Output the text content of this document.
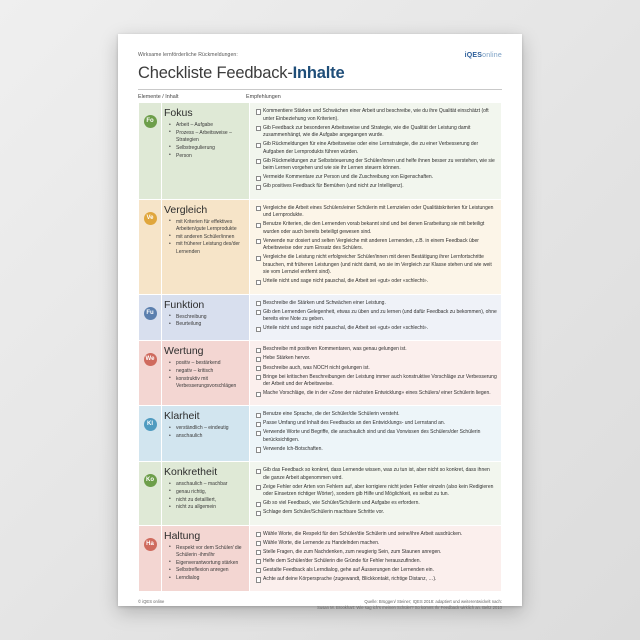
Wirksame lernförderliche Rückmeldungen:	iQESonline
Checkliste Feedback-Inhalte
Elemente / Inhalt	Empfehlungen
Fo	
Fokus
• Arbeit – Aufgabe
• Prozess – Arbeitsweise – Strategien
• Selbstregulierung
• Person

Kommentiere Stärken und Schwächen einer Arbeit und beschreibe, wie du ihre Qualität einschätzt (oft unter Einbeziehung von Kriterien).
Gib Feedback zur besonderen Arbeitsweise und Strategie, wie die Qualität der Leistung damit zusammenhängt, wie die Aufgabe angegangen wurde.
Gib Rückmeldungen für eine Arbeitsweise oder eine Lernstrategie, die zu einer Verbesserung der Aufgaben der Lernprodukts führen würden.
Gib Rückmeldungen zur Selbststeuerung der Schüler/innen und helfe ihnen besser zu verstehen, wie sie beim Lernen vorgehen und wie sie ihr Lernen steuern können.
Vermeide Kommentare zur Person und die Zuschreibung von Eigenschaften.
Gib positives Feedback für Bemühen (und nicht zur Intelligenz).

Ve	
Vergleich
• mit Kriterien für effektives Arbeiten/gute Lernprodukte
• mit anderen Schüler/innen
• mit früherer Leistung des/der Lernenden

Vergleiche die Arbeit eines Schülers/einer Schülerin mit Lernzielen oder Qualitätskriterien für Leistungen und Lernprodukte.
Benutze Kriterien, die den Lernenden vorab bekannt sind und bei denen Erarbeitung sie mit beteiligt wurden oder auch bereits beteiligt gewesen sind.
Verwende nur dosiert und selten Vergleiche mit anderen Lernenden, z.B. in einem Feedback über Arbeitsweise oder zum Einsatz des Schülers.
Vergleiche die Leistung nicht erfolgreicher Schüler/innen mit deren Bestätigung ihrer Lernfortschritte brauchen, mit früheren Leistungen (und nicht damit, wo sie im Vergleich zur Klasse stehen und wie weit sie vom Lernziel entfernt sind).
Urteile nicht und sage nicht pauschal, die Arbeit sei «gut» oder «schlecht».

Fu	
Funktion
• Beschreibung
• Beurteilung

Beschreibe die Stärken und Schwächen einer Leistung.
Gib den Lernenden Gelegenheit, etwas zu üben und zu lernen (und dafür Feedback zu bekommen), ohne bereits eine Note zu geben.
Urteile nicht und sage nicht pauschal, die Arbeit sei «gut» oder «schlecht».

We	
Wertung
• positiv – bestärkend
• negativ – kritisch
• konstruktiv mit Verbesserungsvorschlägen

Beschreibe mit positiven Kommentaren, was genau gelungen ist.
Hebe Stärken hervor.
Beschreibe auch, was NOCH nicht gelungen ist.
Bringe bei kritischen Beschreibungen der Leistung immer auch konstruktive Vorschläge zur Verbesserung der Arbeit und der Arbeitsweise.
Mache Vorschläge, die in der «Zone der nächsten Entwicklung» eines Schülers/ einer Schülerin liegen.

Kl	
Klarheit
• verständlich – eindeutig
• anschaulich

Benutze eine Sprache, die der Schüler/die Schülerin versteht.
Passe Umfang und Inhalt des Feedbacks an den Entwicklungs- und Lernstand an.
Verwende Worte und Begriffe, die anschaulich sind und das Vorwissen des Schülers/der Schülerin berücksichtigen.
Verwende Ich-Botschaften.

Ko	
Konkretheit
• anschaulich – machbar
• genau richtig,
• nicht zu detailliert,
• nicht zu allgemein

Gib das Feedback so konkret, dass Lernende wissen, was zu tun ist, aber nicht so konkret, dass ihnen die ganze Arbeit abgenommen wird.
Zeige Fehler oder Arten von Fehlern auf, aber korrigiere nicht jeden Fehler einzeln (also kein Redigieren oder Einsetzen richtiger Wörter), sondern gib Hilfe und Möglichkeit, es selbst zu tun.
Gib so viel Feedback, wie Schüler/Schülerin und Aufgabe es erfordern.
Schlage dem Schüler/Schülerin machbare Schritte vor.

Ha	
Haltung
• Respekt vor dem Schüler/ die Schülerin -ihm/ihr
• Eigenverantwortung stärken
• Selbstreflexion anregen
• Lerndialog

Wähle Worte, die Respekt für den Schüler/die Schülerin und seine/ihre Arbeit ausdrücken.
Wähle Worte, die Lernende zu Handelnden machen.
Stelle Fragen, die zum Nachdenken, zum neugierig Sein, zum Staunen anregen.
Helfe dem Schüler/der Schülerin die Gründe für Fehler herauszufinden.
Gestalte Feedback als Lerndialog, gehe auf Äusserungen der Lernenden ein.
Achte auf deine Körpersprache (zugewandt, Blickkontakt, richtige Distanz, …).
© iQES online	Quelle: Brüggen/ Steiner; IQES 2018: adaptiert und weiterentwickelt nach:
Susan M. Brookhart: Wie sag ich's meinen Schüler? So kommt Ihr Feedback wirklich an. Beltz 2010
